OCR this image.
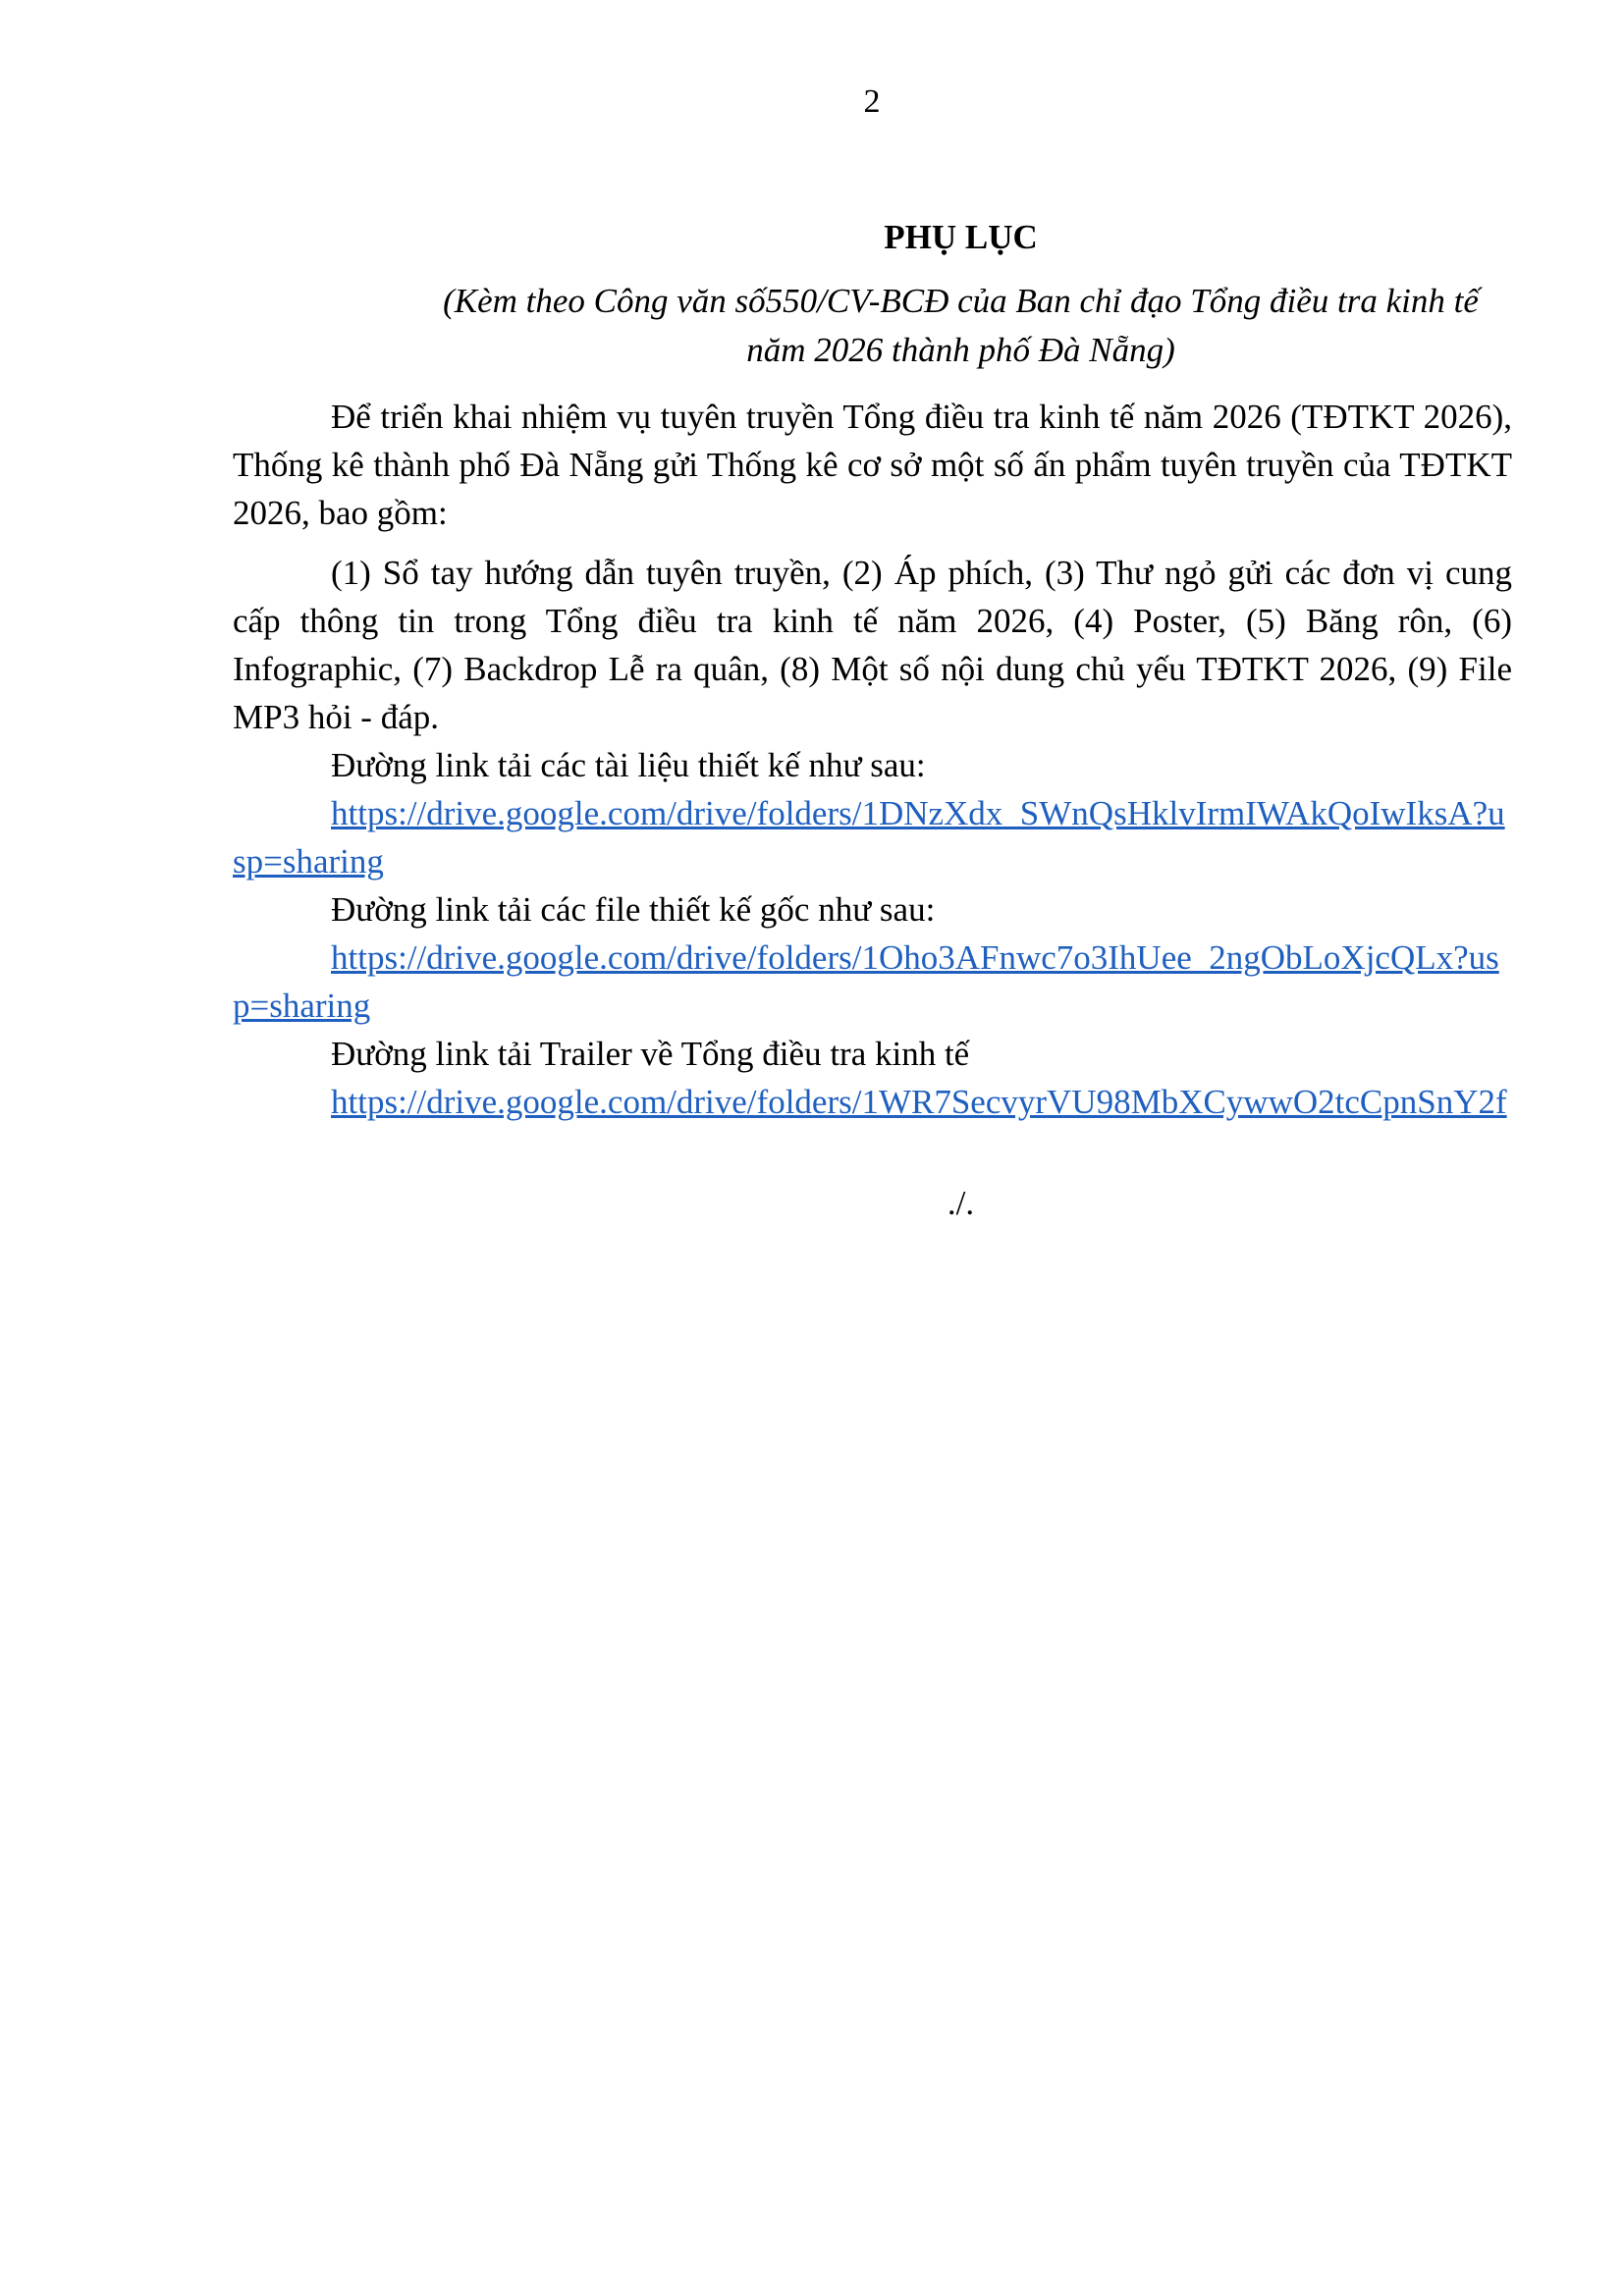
2
PHỤ LỤC
(Kèm theo Công văn số550/CV-BCĐ của Ban chỉ đạo Tổng điều tra kinh tế
năm 2026 thành phố Đà Nẵng)

Để triển khai nhiệm vụ tuyên truyền Tổng điều tra kinh tế năm 2026 (TĐTKT 2026), Thống kê thành phố Đà Nẵng gửi Thống kê cơ sở một số ấn phẩm tuyên truyền của TĐTKT 2026, bao gồm:

(1) Sổ tay hướng dẫn tuyên truyền, (2) Áp phích, (3) Thư ngỏ gửi các đơn vị cung cấp thông tin trong Tổng điều tra kinh tế năm 2026, (4) Poster, (5) Băng rôn, (6) Infographic, (7) Backdrop Lễ ra quân, (8) Một số nội dung chủ yếu TĐTKT 2026, (9) File MP3 hỏi - đáp.

Đường link tải các tài liệu thiết kế như sau:

https://drive.google.com/drive/folders/1DNzXdx_SWnQsHklvIrmIWAkQoIwIksA?usp=sharing

Đường link tải các file thiết kế gốc như sau:

https://drive.google.com/drive/folders/1Oho3AFnwc7o3IhUee_2ngObLoXjcQLx?usp=sharing

Đường link tải Trailer về Tổng điều tra kinh tế

https://drive.google.com/drive/folders/1WR7SecvyrVU98MbXCywwO2tcCpnSnY2f
./.
